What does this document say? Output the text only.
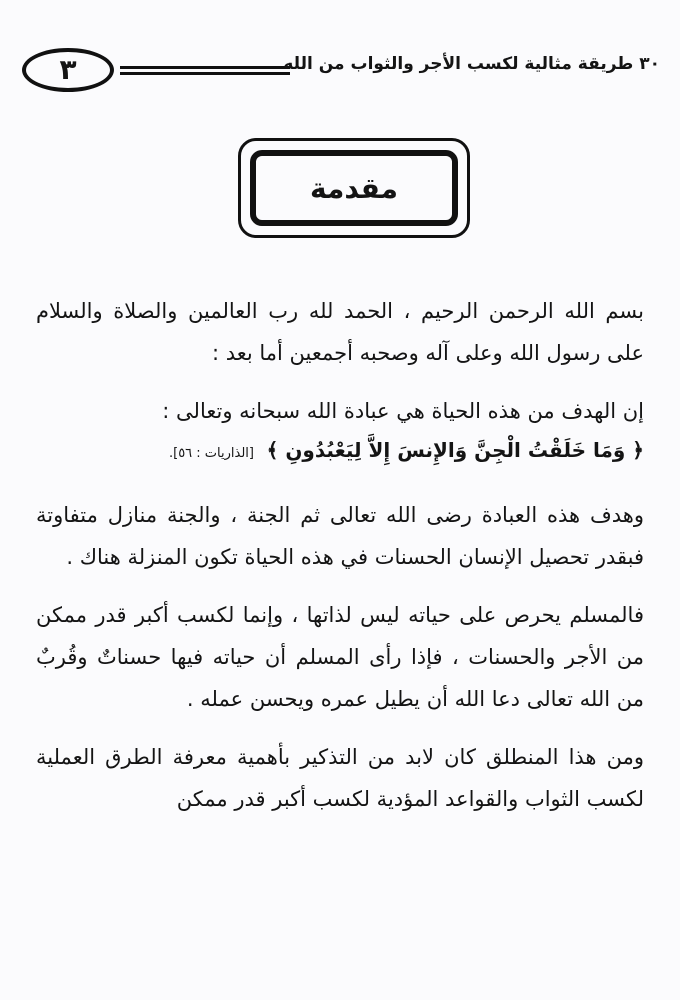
٣	٣٠ طريقة مثالية لكسب الأجر والثواب من الله
مقدمة

بسم الله الرحمن الرحيم ، الحمد لله رب العالمين والصلاة والسلام على رسول الله وعلى آله وصحبه أجمعين أما بعد :

إن الهدف من هذه الحياة هي عبادة الله سبحانه وتعالى :

﴿ وَمَا خَلَقْتُ الْجِنَّ وَالإِنسَ إِلاَّ لِيَعْبُدُونِ ﴾ [الذاريات : ٥٦].

وهدف هذه العبادة رضى الله تعالى ثم الجنة ، والجنة منازل متفاوتة فبقدر تحصيل الإنسان الحسنات في هذه الحياة تكون المنزلة هناك .

فالمسلم يحرص على حياته ليس لذاتها ، وإنما لكسب أكبر قدر ممكن من الأجر والحسنات ، فإذا رأى المسلم أن حياته فيها حسناتٌ وقُربٌ من الله تعالى دعا الله أن يطيل عمره ويحسن عمله .

ومن هذا المنطلق كان لابد من التذكير بأهمية معرفة الطرق العملية لكسب الثواب والقواعد المؤدية لكسب أكبر قدر ممكن
